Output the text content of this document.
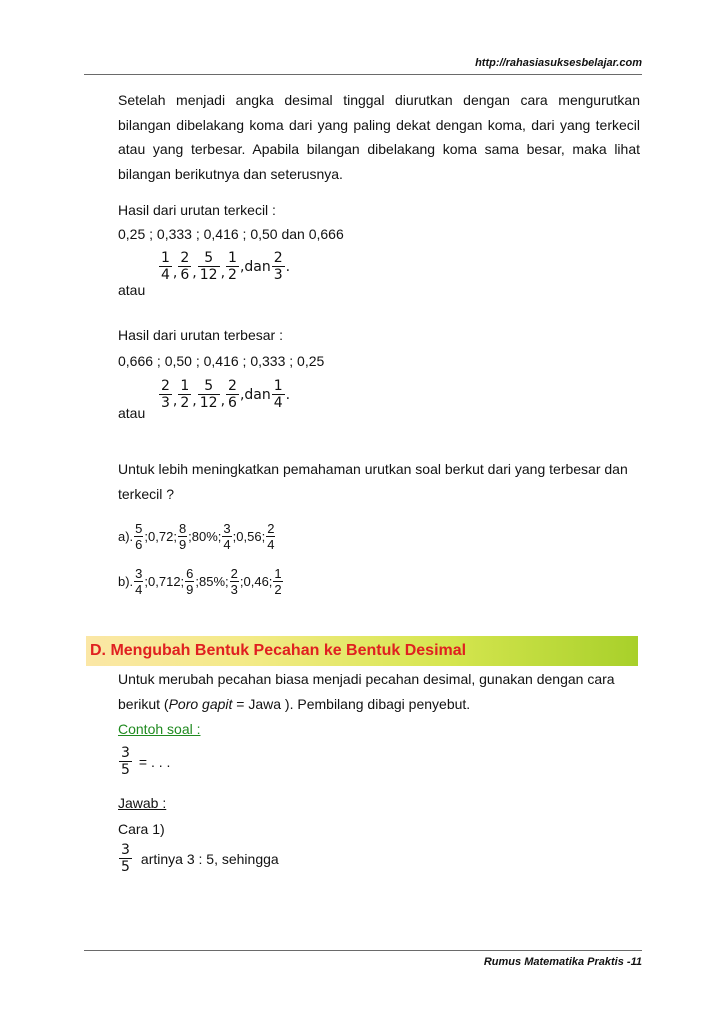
http://rahasiasuksesbelajar.com
Setelah menjadi angka desimal tinggal diurutkan dengan cara mengurutkan bilangan dibelakang koma dari yang paling dekat dengan koma, dari yang terkecil atau yang terbesar. Apabila bilangan dibelakang koma sama besar, maka lihat bilangan berikutnya dan seterusnya.
Hasil dari urutan terkecil :
0,25 ; 0,333 ; 0,416 ; 0,50 dan 0,666
atau
$\frac{1}{4}$ , $\frac{2}{6}$ , $\frac{5}{12}$ , $\frac{1}{2} ,dan \frac{2}{3}$ .
Hasil dari urutan terbesar :
0,666 ; 0,50 ; 0,416 ; 0,333 ; 0,25
atau
$\frac{2}{3}$ , $\frac{1}{2}$ , $\frac{5}{12}$ , $\frac{2}{6} ,dan \frac{1}{4}$ .
Untuk lebih meningkatkan pemahaman urutkan soal berkut dari yang terbesar dan terkecil ?
a). $\frac{5}{6}$ ;0,72; $\frac{8}{9}$ ;80%; $\frac{3}{4}$ ;0,56; $\frac{2}{4}$
b). $\frac{3}{4}$ ;0,712; $\frac{6}{9}$ ;85%; $\frac{2}{3}$ ;0,46; $\frac{1}{2}$
D. Mengubah Bentuk Pecahan ke Bentuk Desimal
Untuk merubah pecahan biasa menjadi pecahan desimal, gunakan dengan cara
berikut (Poro gapit = Jawa ). Pembilang dibagi penyebut.
Contoh soal :
$\frac{3}{5}$ = . . .
Jawab :
Cara 1)
$\frac{3}{5}$ artinya 3 : 5, sehingga
Rumus Matematika Praktis -11
